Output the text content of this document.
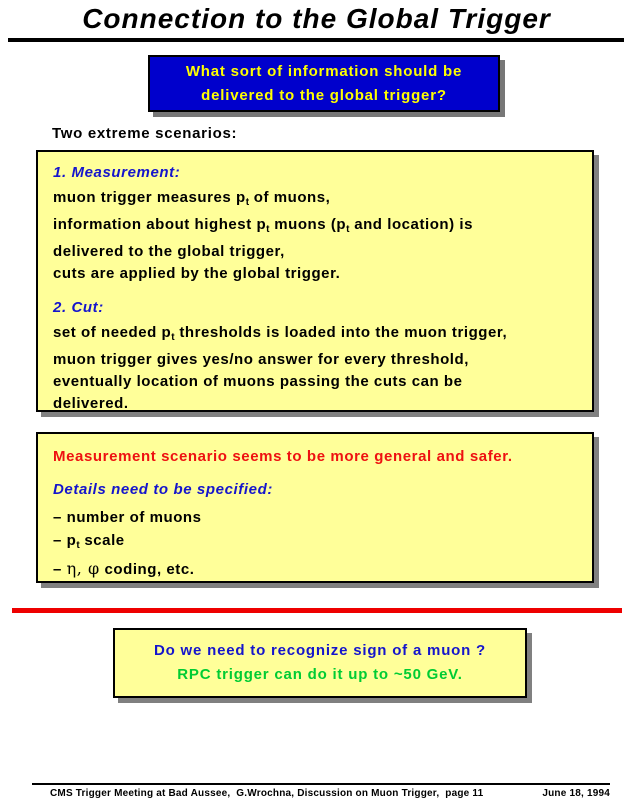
Connection to the Global Trigger
What sort of information should be
delivered to the global trigger?
Two extreme scenarios:
1. Measurement:
muon trigger measures $p_t$ of muons,
information about highest $p_t$ muons ($p_t$ and location) is
delivered to the global trigger,
cuts are applied by the global trigger.
2. Cut:
set of needed $p_t$ thresholds is loaded into the muon trigger,
muon trigger gives yes/no answer for every threshold,
eventually location of muons passing the cuts can be
delivered.
Measurement scenario seems to be more general and safer.
Details need to be specified:
– number of muons
– $p_t$ scale
– η, φ coding, etc.
Do we need to recognize sign of a muon ?
RPC trigger can do it up to ~50 GeV.
CMS Trigger Meeting at Bad Aussee,  G.Wrochna, Discussion on Muon Trigger,  page 11	June 18, 1994
